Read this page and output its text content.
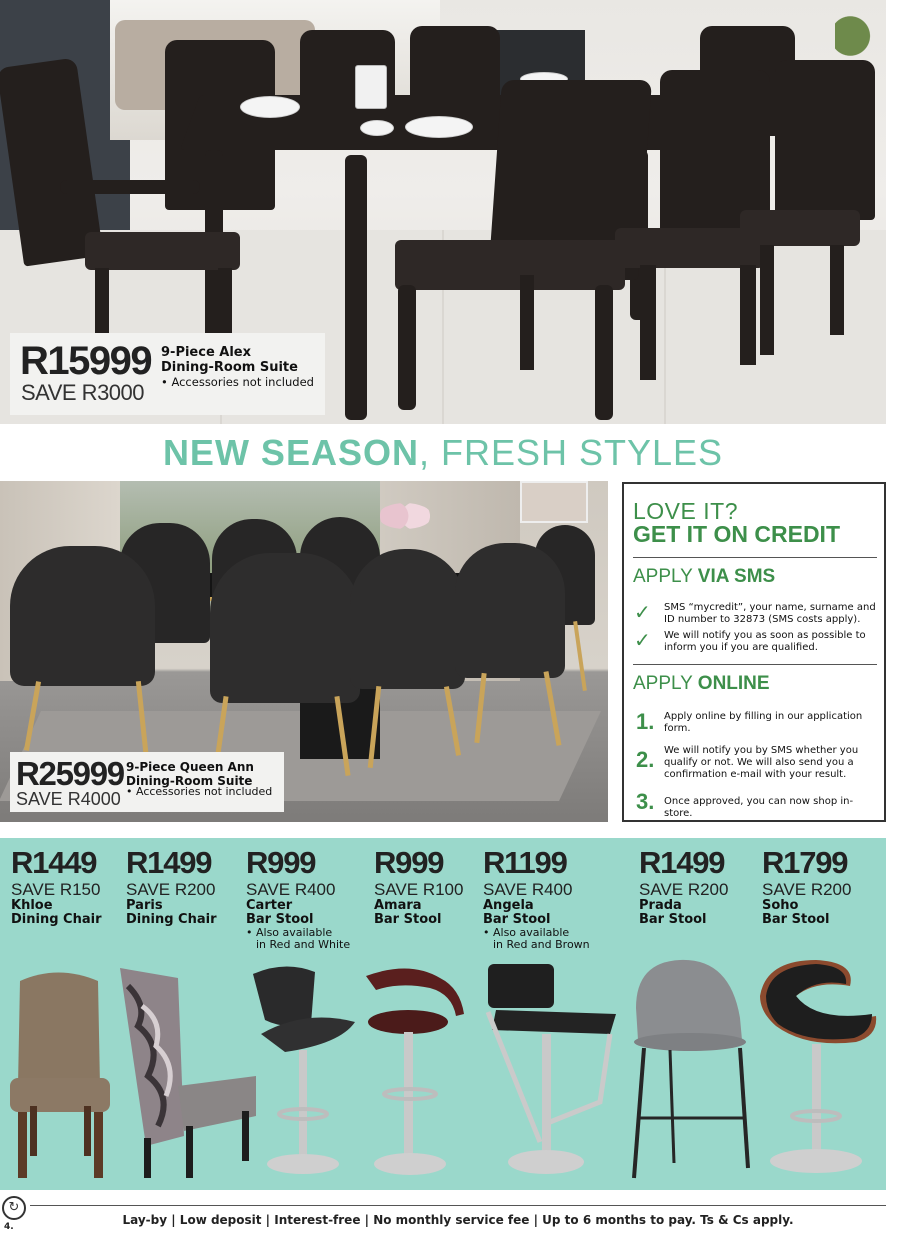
R15999
SAVE R3000
9-Piece Alex
Dining-Room Suite
• Accessories not included
NEW SEASON, FRESH STYLES
R25999
SAVE R4000
9-Piece Queen Ann
Dining-Room Suite
• Accessories not included
LOVE IT?
GET IT ON CREDIT
APPLY VIA SMS
✓	SMS “mycredit”, your name, surname and ID number to 32873 (SMS costs apply).
✓	We will notify you as soon as possible to inform you if you are qualified.
APPLY ONLINE
1. Apply online by filling in our application form.
2. We will notify you by SMS whether you qualify or not. We will also send you a confirmation e-mail with your result.
3. Once approved, you can now shop in-store.
R1449
SAVE R150
Khloe
Dining Chair
R1499
SAVE R200
Paris
Dining Chair
R999
SAVE R400
Carter
Bar Stool
• Also available
in Red and White
R999
SAVE R100
Amara
Bar Stool
R1199
SAVE R400
Angela
Bar Stool
• Also available
in Red and Brown
R1499
SAVE R200
Prada
Bar Stool
R1799
SAVE R200
Soho
Bar Stool
↻
4.	Lay-by | Low deposit | Interest-free | No monthly service fee | Up to 6 months to pay. Ts & Cs apply.
